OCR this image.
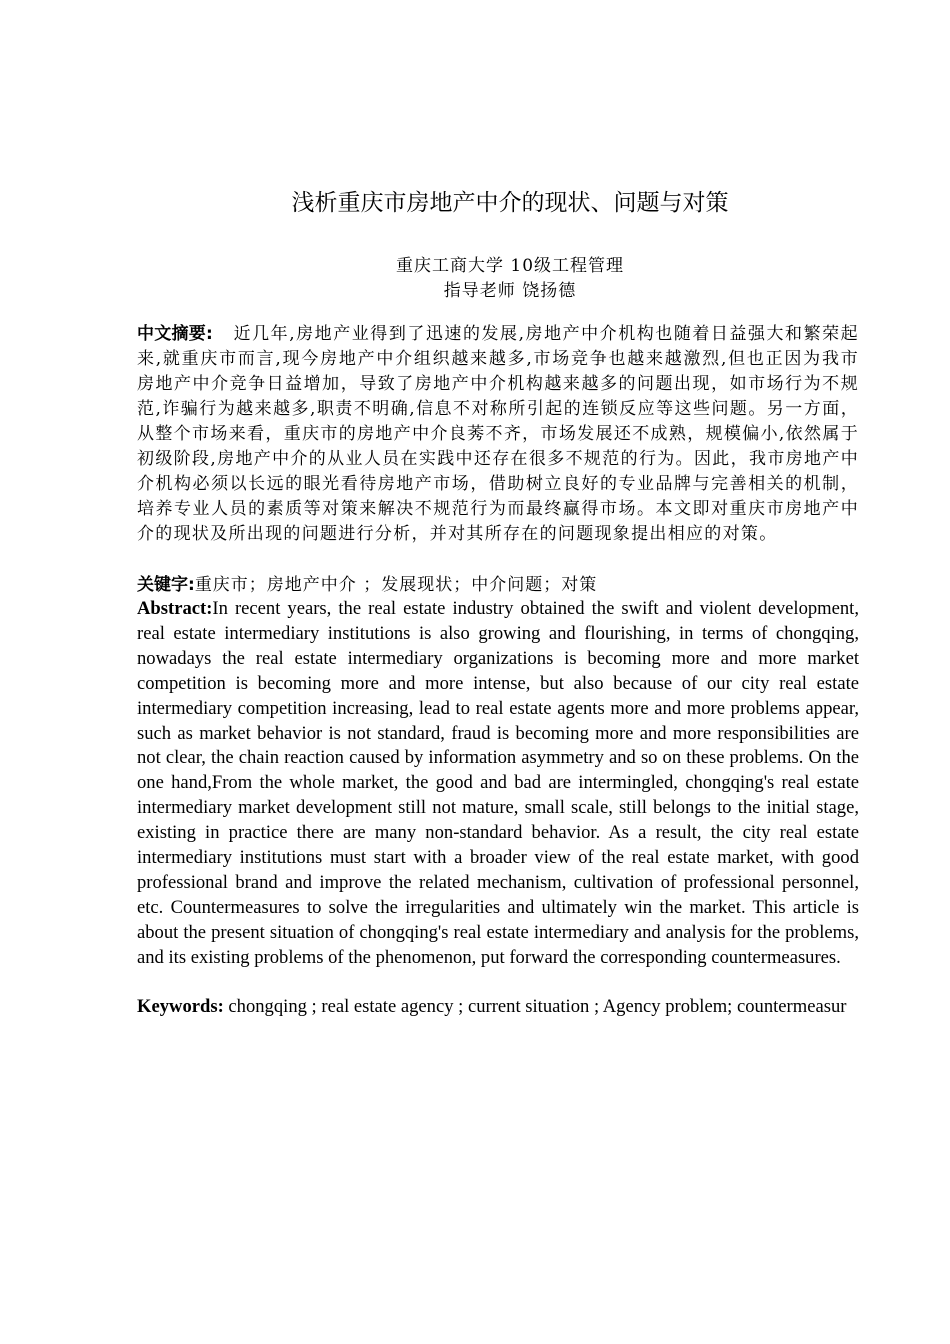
浅析重庆市房地产中介的现状、问题与对策
重庆工商大学 10级工程管理
指导老师 饶扬德
中文摘要: 近几年,房地产业得到了迅速的发展,房地产中介机构也随着日益强大和繁荣起来,就重庆市而言,现今房地产中介组织越来越多,市场竞争也越来越激烈,但也正因为我市房地产中介竞争日益增加，导致了房地产中介机构越来越多的问题出现，如市场行为不规范,诈骗行为越来越多,职责不明确,信息不对称所引起的连锁反应等这些问题。另一方面，从整个市场来看，重庆市的房地产中介良莠不齐，市场发展还不成熟，规模偏小,依然属于初级阶段,房地产中介的从业人员在实践中还存在很多不规范的行为。因此，我市房地产中介机构必须以长远的眼光看待房地产市场，借助树立良好的专业品牌与完善相关的机制，培养专业人员的素质等对策来解决不规范行为而最终赢得市场。本文即对重庆市房地产中介的现状及所出现的问题进行分析，并对其所存在的问题现象提出相应的对策。
关键字:重庆市；房地产中介 ；发展现状；中介问题；对策
Abstract:In recent years, the real estate industry obtained the swift and violent development, real estate intermediary institutions is also growing and flourishing, in terms of chongqing, nowadays the real estate intermediary organizations is becoming more and more market competition is becoming more and more intense, but also because of our city real estate intermediary competition increasing, lead to real estate agents more and more problems appear, such as market behavior is not standard, fraud is becoming more and more responsibilities are not clear, the chain reaction caused by information asymmetry and so on these problems. On the one hand,From the whole market, the good and bad are intermingled, chongqing's real estate intermediary market development still not mature, small scale, still belongs to the initial stage, existing in practice there are many non-standard behavior. As a result, the city real estate intermediary institutions must start with a broader view of the real estate market, with good professional brand and improve the related mechanism, cultivation of professional personnel, etc. Countermeasures to solve the irregularities and ultimately win the market. This article is about the present situation of chongqing's real estate intermediary and analysis for the problems, and its existing problems of the phenomenon, put forward the corresponding countermeasures.
Keywords: chongqing ; real estate agency ; current situation ; Agency problem; countermeasur
